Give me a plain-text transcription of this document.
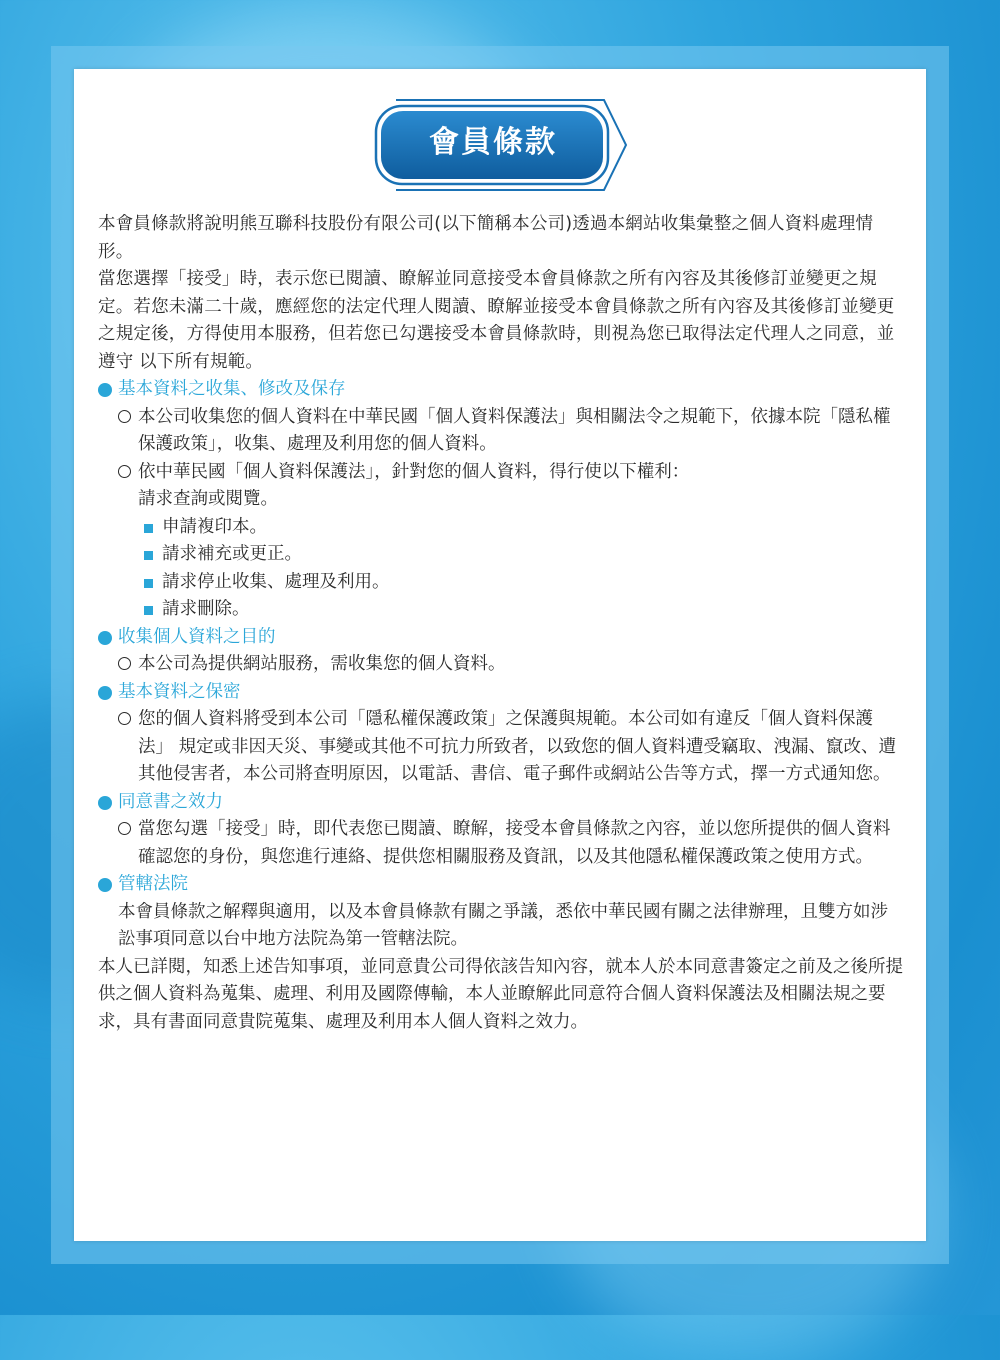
會員條款

本會員條款將說明熊互聯科技股份有限公司(以下簡稱本公司)透過本網站收集彙整之個人資料處理情形。

當您選擇「接受」時，表示您已閱讀、瞭解並同意接受本會員條款之所有內容及其後修訂並變更之規定。若您未滿二十歲，應經您的法定代理人閱讀、瞭解並接受本會員條款之所有內容及其後修訂並變更之規定後，方得使用本服務，但若您已勾選接受本會員條款時，則視為您已取得法定代理人之同意，並遵守 以下所有規範。

基本資料之收集、修改及保存
本公司收集您的個人資料在中華民國「個人資料保護法」與相關法令之規範下，依據本院「隱私權保護政策」，收集、處理及利用您的個人資料。
依中華民國「個人資料保護法」，針對您的個人資料，得行使以下權利：
請求查詢或閱覽。
申請複印本。
請求補充或更正。
請求停止收集、處理及利用。
請求刪除。
收集個人資料之目的
本公司為提供網站服務，需收集您的個人資料。
基本資料之保密
您的個人資料將受到本公司「隱私權保護政策」之保護與規範。本公司如有違反「個人資料保護法」 規定或非因天災、事變或其他不可抗力所致者，以致您的個人資料遭受竊取、洩漏、竄改、遭其他侵害者，本公司將查明原因，以電話、書信、電子郵件或網站公告等方式，擇一方式通知您。
同意書之效力
當您勾選「接受」時，即代表您已閱讀、瞭解，接受本會員條款之內容，並以您所提供的個人資料確認您的身份，與您進行連絡、提供您相關服務及資訊，以及其他隱私權保護政策之使用方式。
管轄法院
本會員條款之解釋與適用，以及本會員條款有關之爭議，悉依中華民國有關之法律辦理，且雙方如涉訟事項同意以台中地方法院為第一管轄法院。

本人已詳閱，知悉上述告知事項，並同意貴公司得依該告知內容，就本人於本同意書簽定之前及之後所提供之個人資料為蒐集、處理、利用及國際傳輸，本人並瞭解此同意符合個人資料保護法及相關法規之要求，具有書面同意貴院蒐集、處理及利用本人個人資料之效力。
